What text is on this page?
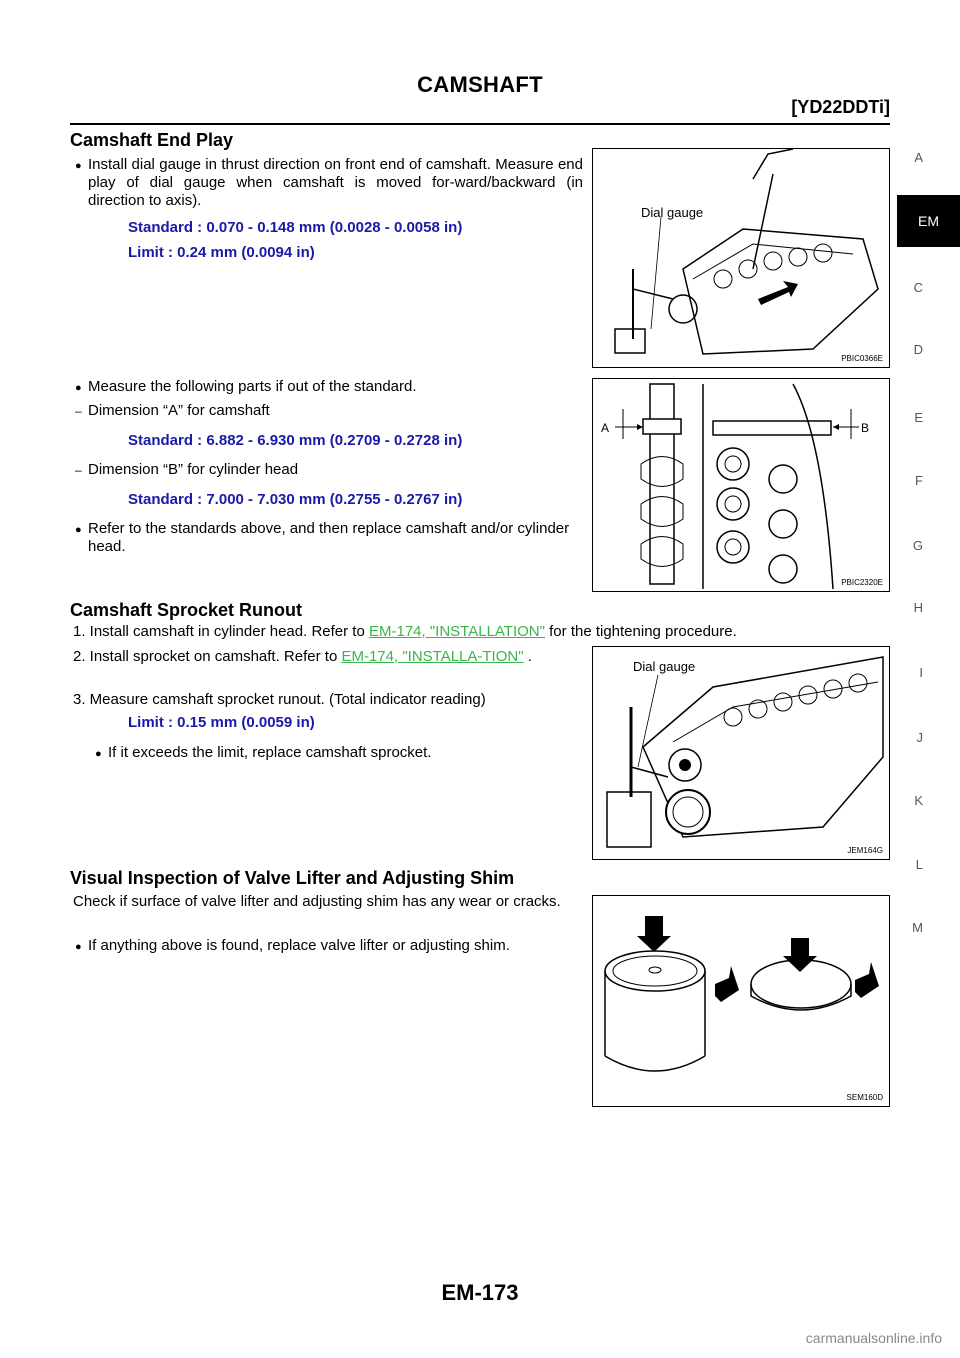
CAMSHAFT
[YD22DDTi]
A
EM
C
D
E
F
G
H
I
J
K
L
M
Camshaft End Play
● Install dial gauge in thrust direction on front end of camshaft. Measure end play of dial gauge when camshaft is moved for-ward/backward (in direction to axis).
Standard : 0.070 - 0.148 mm (0.0028 - 0.0058 in)
Limit : 0.24 mm (0.0094 in)
● Measure the following parts if out of the standard.
– Dimension “A” for camshaft
Standard : 6.882 - 6.930 mm (0.2709 - 0.2728 in)
– Dimension “B” for cylinder head
Standard : 7.000 - 7.030 mm (0.2755 - 0.2767 in)
● Refer to the standards above, and then replace camshaft and/or cylinder head.
Dial gauge
PBIC0366E
A	B
PBIC2320E
Camshaft Sprocket Runout
1. Install camshaft in cylinder head. Refer to EM-174, "INSTALLATION" for the tightening procedure.
2. Install sprocket on camshaft. Refer to EM-174, "INSTALLA-TION" .
3. Measure camshaft sprocket runout. (Total indicator reading)
Limit : 0.15 mm (0.0059 in)
● If it exceeds the limit, replace camshaft sprocket.
Dial gauge
JEM164G
Visual Inspection of Valve Lifter and Adjusting Shim
Check if surface of valve lifter and adjusting shim has any wear or cracks.
● If anything above is found, replace valve lifter or adjusting shim.
SEM160D
EM-173
carmanualsonline.info
